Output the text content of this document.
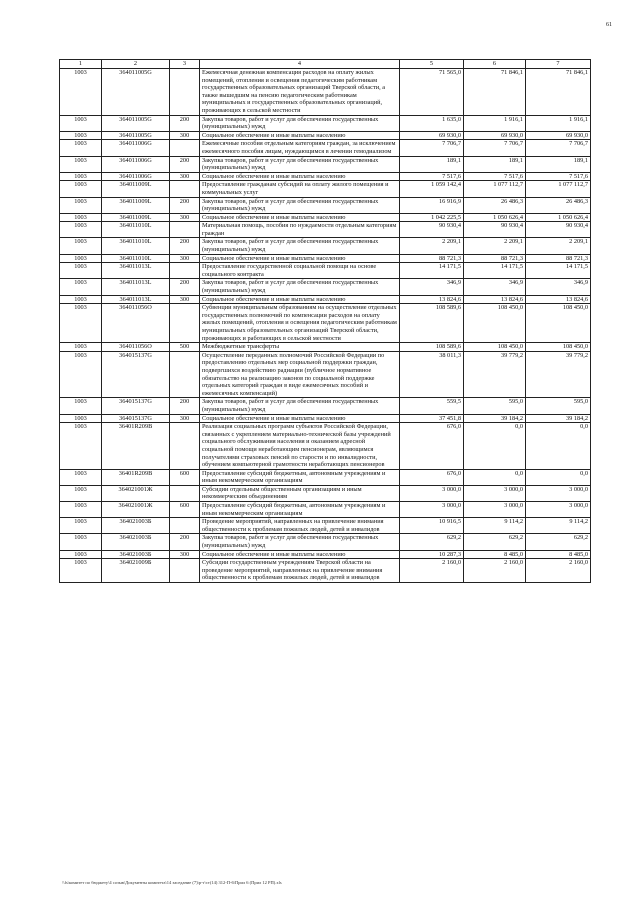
61
1	2	3	4	5	6	7
1003	364011005G		Ежемесячная денежная компенсация расходов на оплату жилых помещений, отопления и освещения педагогическим работникам государственных образовательных организаций Тверской области, а также вышедшим на пенсию педагогическим работникам муниципальных и государственных образовательных организаций, проживающих в сельской местности	71 565,0	71 846,1	71 846,1
1003	364011005G	200	Закупка товаров, работ и услуг для обеспечения государственных (муниципальных) нужд	1 635,0	1 916,1	1 916,1
1003	364011005G	300	Социальное обеспечение и иные выплаты населению	69 930,0	69 930,0	69 930,0
1003	364011006G		Ежемесячные пособия отдельным категориям граждан, за исключением ежемесячного пособия лицам, нуждающимся в лечении гемодиализом	7 706,7	7 706,7	7 706,7
1003	364011006G	200	Закупка товаров, работ и услуг для обеспечения государственных (муниципальных) нужд	189,1	189,1	189,1
1003	364011006G	300	Социальное обеспечение и иные выплаты населению	7 517,6	7 517,6	7 517,6
1003	364011009L		Предоставление гражданам субсидий на оплату жилого помещения и коммунальных услуг	1 059 142,4	1 077 112,7	1 077 112,7
1003	364011009L	200	Закупка товаров, работ и услуг для обеспечения государственных (муниципальных) нужд	16 916,9	26 486,3	26 486,3
1003	364011009L	300	Социальное обеспечение и иные выплаты населению	1 042 225,5	1 050 626,4	1 050 626,4
1003	364011010L		Материальная помощь, пособия по нуждаемости отдельным категориям граждан	90 930,4	90 930,4	90 930,4
1003	364011010L	200	Закупка товаров, работ и услуг для обеспечения государственных (муниципальных) нужд	2 209,1	2 209,1	2 209,1
1003	364011010L	300	Социальное обеспечение и иные выплаты населению	88 721,3	88 721,3	88 721,3
1003	364011013L		Предоставление государственной социальной помощи на основе социального контракта	14 171,5	14 171,5	14 171,5
1003	364011013L	200	Закупка товаров, работ и услуг для обеспечения государственных (муниципальных) нужд	346,9	346,9	346,9
1003	364011013L	300	Социальное обеспечение и иные выплаты населению	13 824,6	13 824,6	13 824,6
1003	364011056O		Субвенции муниципальным образованиям на осуществление отдельных государственных полномочий по компенсации расходов на оплату жилых помещений, отопления и освещения педагогическим работникам муниципальных образовательных организаций Тверской области, проживающих и работающих в сельской местности	108 589,6	108 450,0	108 450,0
1003	364011056O	500	Межбюджетные трансферты	108 589,6	108 450,0	108 450,0
1003	364015137G		Осуществление переданных полномочий Российской Федерации по предоставлению отдельных мер социальной поддержки граждан, подвергшихся воздействию радиации (публичное нормативное обязательство на реализацию законов по социальной поддержке отдельных категорий граждан в виде ежемесячных пособий и ежемесячных компенсаций)	38 011,3	39 779,2	39 779,2
1003	364015137G	200	Закупка товаров, работ и услуг для обеспечения государственных (муниципальных) нужд	559,5	595,0	595,0
1003	364015137G	300	Социальное обеспечение и иные выплаты населению	37 451,8	39 184,2	39 184,2
1003	36401R209B		Реализация социальных программ субъектов Российской Федерации, связанных с укреплением материально-технической базы учреждений социального обслуживания населения и оказанием адресной социальной помощи неработающим пенсионерам, являющимся получателями страховых пенсий по старости и по инвалидности, обучением компьютерной грамотности неработающих пенсионеров	676,0	0,0	0,0
1003	36401R209B	600	Предоставление субсидий бюджетным, автономным учреждениям и иным некоммерческим организациям	676,0	0,0	0,0
1003	364021001Ж		Субсидии отдельным общественным организациям и иным некоммерческим объединениям	3 000,0	3 000,0	3 000,0
1003	364021001Ж	600	Предоставление субсидий бюджетным, автономным учреждениям и иным некоммерческим организациям	3 000,0	3 000,0	3 000,0
1003	364021003Б		Проведение мероприятий, направленных на привлечение внимания общественности к проблемам пожилых людей, детей и инвалидов	10 916,5	9 114,2	9 114,2
1003	364021003Б	200	Закупка товаров, работ и услуг для обеспечения государственных (муниципальных) нужд	629,2	629,2	629,2
1003	364021003Б	300	Социальное обеспечение и иные выплаты населению	10 287,3	8 485,0	8 485,0
1003	364021009Б		Субсидии государственным учреждениям Тверской области на проведение мероприятий, направленных на привлечение внимания общественности к проблемам пожилых людей, детей и инвалидов	2 160,0	2 160,0	2 160,0
\\fs\комитет по бюджету\4 созыв\Документы комитета\14 заседание (7)\р-т\ст(14) 312-П-6\Прил 6 (Прил 12 РП).xls
